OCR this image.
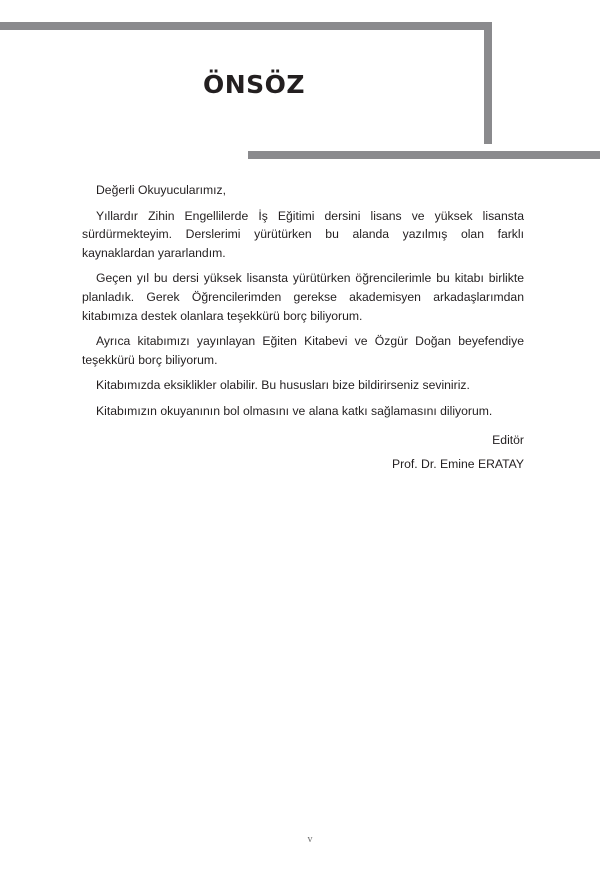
ÖNSÖZ

Değerli Okuyucularımız,

Yıllardır Zihin Engellilerde İş Eğitimi dersini lisans ve yüksek lisansta sürdürmekteyim. Derslerimi yürütürken bu alanda yazılmış olan farklı kaynaklardan yararlandım.

Geçen yıl bu dersi yüksek lisansta yürütürken öğrencilerimle bu kitabı birlikte planladık. Gerek Öğrencilerimden gerekse akademisyen arkadaşlarımdan kitabımıza destek olanlara teşekkürü borç biliyorum.

Ayrıca kitabımızı yayınlayan Eğiten Kitabevi ve Özgür Doğan beyefendiye teşekkürü borç biliyorum.

Kitabımızda eksiklikler olabilir. Bu hususları bize bildirirseniz seviniriz.

Kitabımızın okuyanının bol olmasını ve alana katkı sağlamasını diliyorum.

Editör

Prof. Dr. Emine ERATAY

v
